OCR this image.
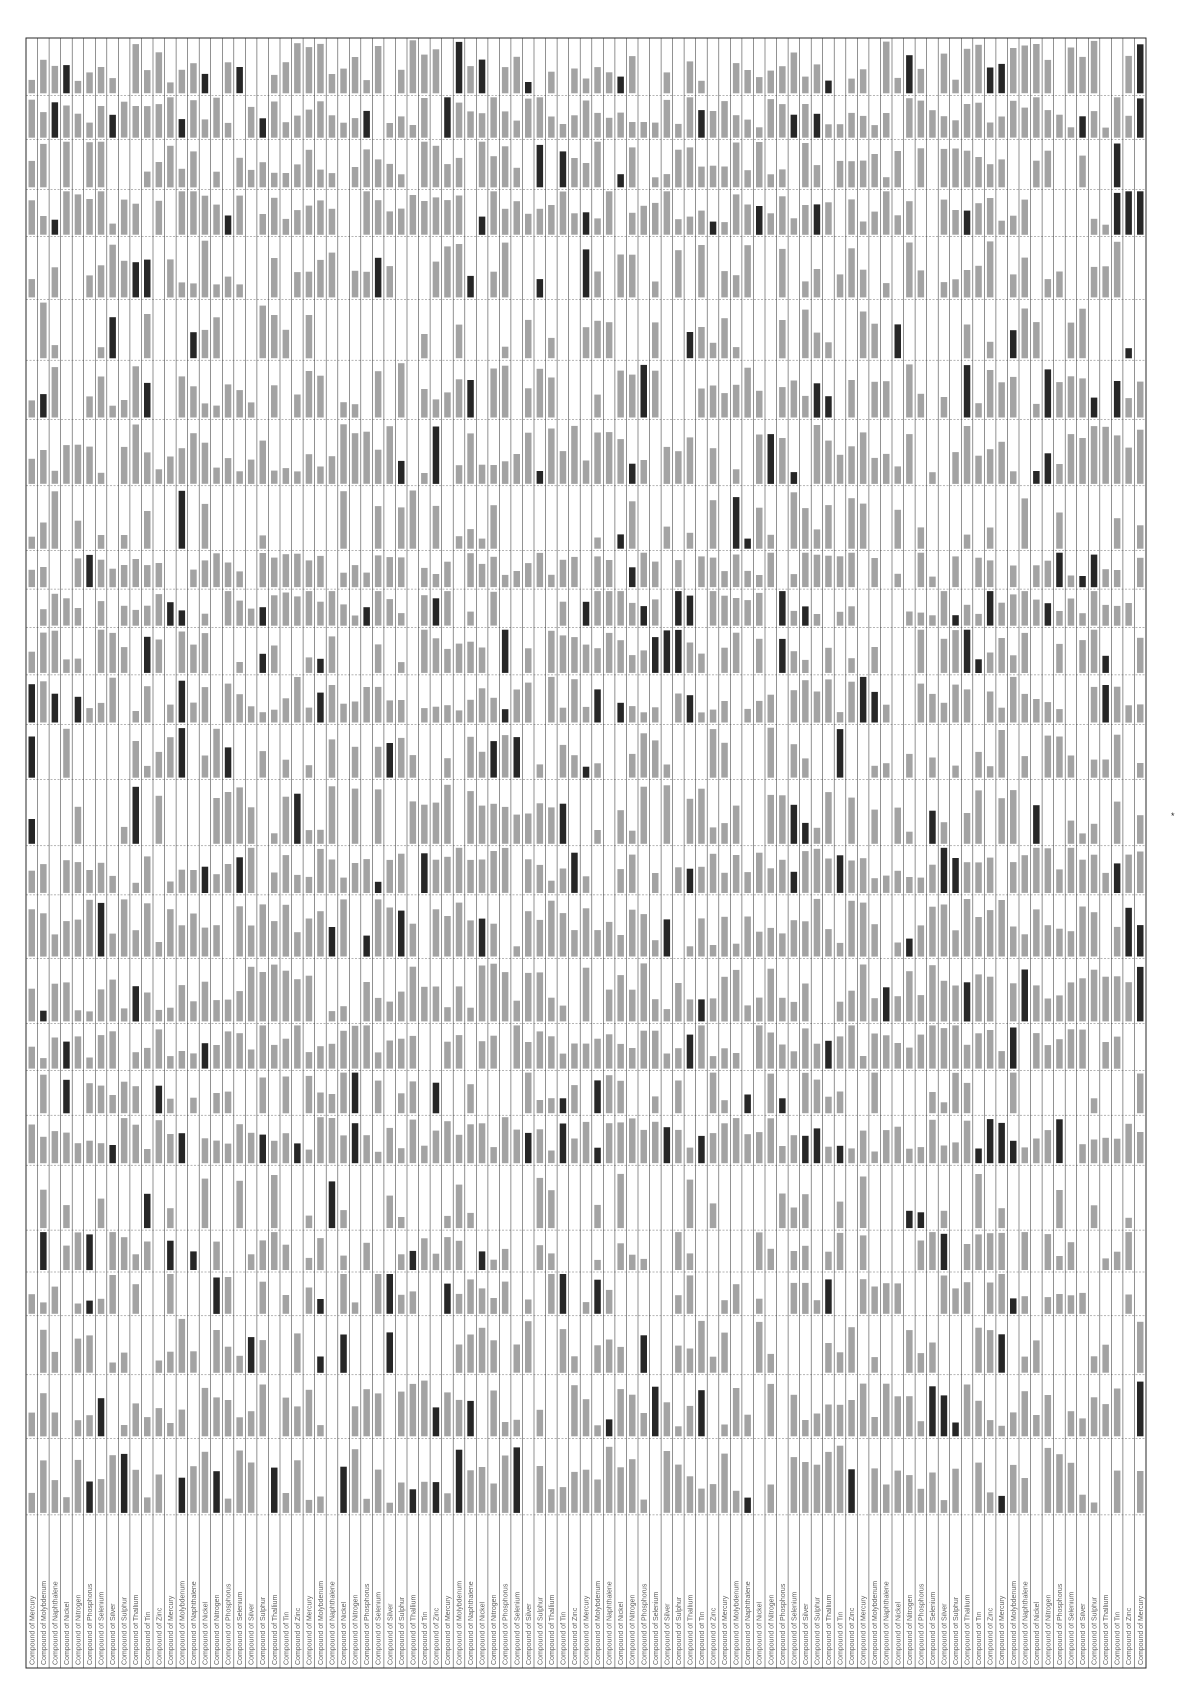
Compound of Mercury Compound of Molybdenum Compound of Naphthalene Compound of Nickel Compound of Nitrogen Compound of Phosphorus Compound of Selenium Compound of Silver Compound of Sulphur Compound of Thallium Compound of Tin Compound of Zinc Compound of Mercury Compound of Molybdenum Compound of Naphthalene Compound of Nickel Compound of Nitrogen Compound of Phosphorus Compound of Selenium Compound of Silver Compound of Sulphur Compound of Thallium Compound of Tin Compound of Zinc Compound of Mercury Compound of Molybdenum Compound of Naphthalene Compound of Nickel Compound of Nitrogen Compound of Phosphorus Compound of Selenium Compound of Silver Compound of Sulphur Compound of Thallium Compound of Tin Compound of Zinc Compound of Mercury Compound of Molybdenum Compound of Naphthalene Compound of Nickel Compound of Nitrogen Compound of Phosphorus Compound of Selenium Compound of Silver Compound of Sulphur Compound of Thallium Compound of Tin Compound of Zinc Compound of Mercury Compound of Molybdenum Compound of Naphthalene Compound of Nickel Compound of Nitrogen Compound of Phosphorus Compound of Selenium Compound of Silver Compound of Sulphur Compound of Thallium Compound of Tin Compound of Zinc Compound of Mercury Compound of Molybdenum Compound of Naphthalene Compound of Nickel Compound of Nitrogen Compound of Phosphorus Compound of Selenium Compound of Silver Compound of Sulphur Compound of Thallium Compound of Tin Compound of Zinc Compound of Mercury Compound of Molybdenum Compound of Naphthalene Compound of Nickel Compound of Nitrogen Compound of Phosphorus Compound of Selenium Compound of Silver Compound of Sulphur Compound of Thallium Compound of Tin Compound of Zinc Compound of Mercury Compound of Molybdenum Compound of Naphthalene Compound of Nickel Compound of Nitrogen Compound of Phosphorus Compound of Selenium Compound of Silver Compound of Sulphur Compound of Thallium Compound of Tin Compound of Zinc Compound of Mercury
*
